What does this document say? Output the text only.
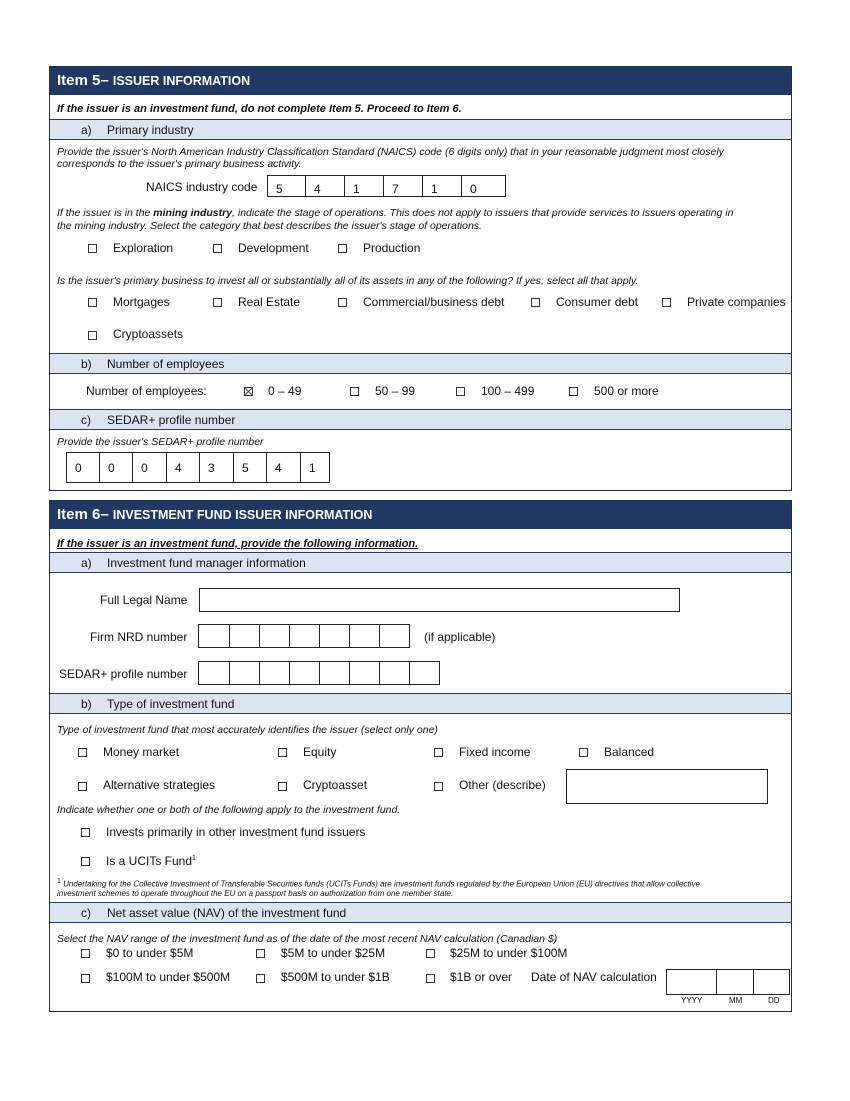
Item 5– ISSUER INFORMATION
If the issuer is an investment fund, do not complete Item 5. Proceed to Item 6.
a) Primary industry
Provide the issuer's North American Industry Classification Standard (NAICS) code (6 digits only) that in your reasonable judgment most closely
corresponds to the issuer's primary business activity.
NAICS industry code	5	4	1	7	1	0
If the issuer is in the mining industry, indicate the stage of operations. This does not apply to issuers that provide services to issuers operating in
the mining industry. Select the category that best describes the issuer's stage of operations.
Exploration	Development	Production
Is the issuer's primary business to invest all or substantially all of its assets in any of the following? If yes, select all that apply.
Mortgages	Real Estate	Commercial/business debt	Consumer debt	Private companies
Cryptoassets
b) Number of employees
Number of employees:	0 – 49	50 – 99	100 – 499	500 or more
c) SEDAR+ profile number
Provide the issuer's SEDAR+ profile number
0	0	0	4	3	5	4	1
Item 6– INVESTMENT FUND ISSUER INFORMATION
If the issuer is an investment fund, provide the following information.
a) Investment fund manager information
Full Legal Name
Firm NRD number	(if applicable)
SEDAR+ profile number
b) Type of investment fund
Type of investment fund that most accurately identifies the issuer (select only one)
Money market	Equity	Fixed income	Balanced
Alternative strategies	Cryptoasset	Other (describe)
Indicate whether one or both of the following apply to the investment fund.
Invests primarily in other investment fund issuers
Is a UCITs Fund$^1$
$^1$ Undertaking for the Collective Investment of Transferable Securities funds (UCITs Funds) are investment funds regulated by the European Union (EU) directives that allow collective
investment schemes to operate throughout the EU on a passport basis on authorization from one member state.
c) Net asset value (NAV) of the investment fund
Select the NAV range of the investment fund as of the date of the most recent NAV calculation (Canadian $)
$0 to under $5M	$5M to under $25M	$25M to under $100M
$100M to under $500M	$500M to under $1B	$1B or over Date of NAV calculation
YYYY	MM	DD
